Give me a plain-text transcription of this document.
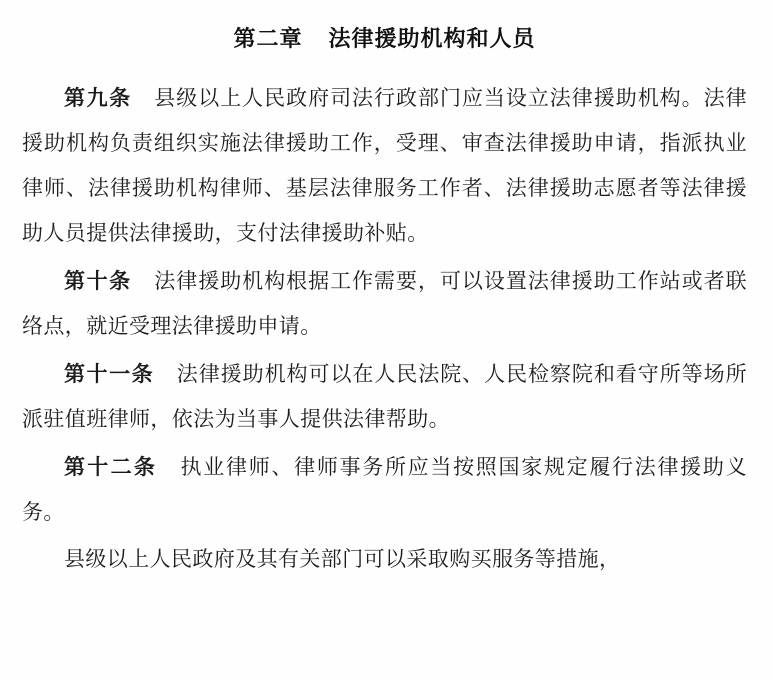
第二章 法律援助机构和人员

第九条 县级以上人民政府司法行政部门应当设立法律援助机构。法律援助机构负责组织实施法律援助工作，受理、审查法律援助申请，指派执业律师、法律援助机构律师、基层法律服务工作者、法律援助志愿者等法律援助人员提供法律援助，支付法律援助补贴。

第十条 法律援助机构根据工作需要，可以设置法律援助工作站或者联络点，就近受理法律援助申请。

第十一条 法律援助机构可以在人民法院、人民检察院和看守所等场所派驻值班律师，依法为当事人提供法律帮助。

第十二条 执业律师、律师事务所应当按照国家规定履行法律援助义务。

县级以上人民政府及其有关部门可以采取购买服务等措施，
